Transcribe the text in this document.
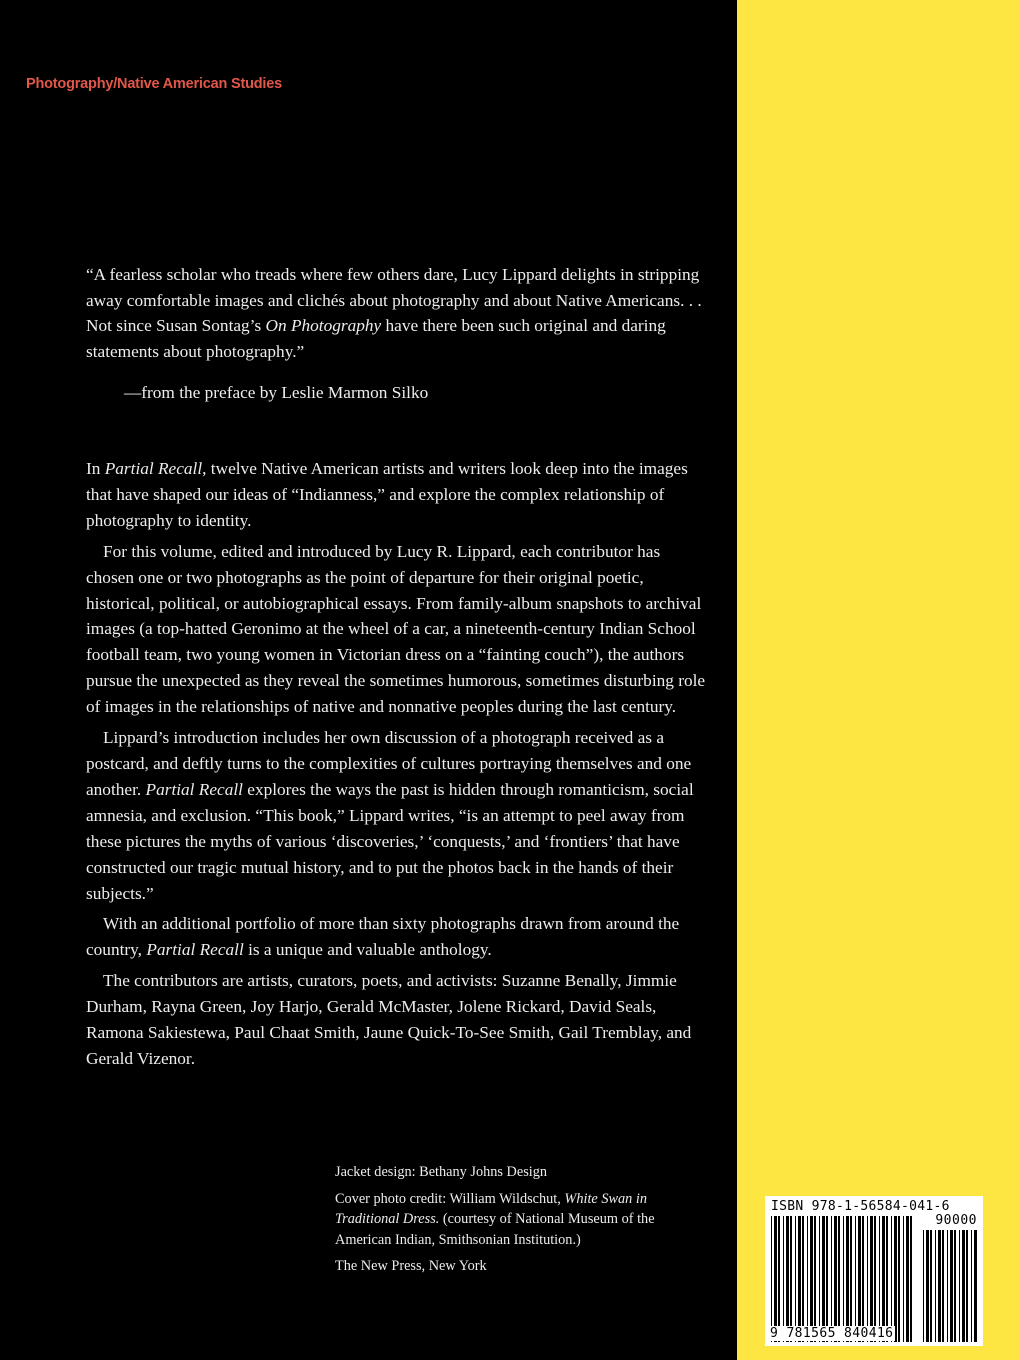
Photography/Native American Studies

“A fearless scholar who treads where few others dare, Lucy Lippard delights in stripping away comfortable images and clichés about photography and about Native Americans. . . Not since Susan Sontag’s On Photography have there been such original and daring statements about photography.”

—from the preface by Leslie Marmon Silko

In Partial Recall, twelve Native American artists and writers look deep into the images that have shaped our ideas of “Indianness,” and explore the complex relationship of photography to identity.

For this volume, edited and introduced by Lucy R. Lippard, each contributor has chosen one or two photographs as the point of departure for their original poetic, historical, political, or autobiographical essays. From family-album snapshots to archival images (a top-hatted Geronimo at the wheel of a car, a nineteenth-century Indian School football team, two young women in Victorian dress on a “fainting couch”), the authors pursue the unexpected as they reveal the sometimes humorous, sometimes disturbing role of images in the relationships of native and nonnative peoples during the last century.

Lippard’s introduction includes her own discussion of a photograph received as a postcard, and deftly turns to the complexities of cultures portraying themselves and one another. Partial Recall explores the ways the past is hidden through romanticism, social amnesia, and exclusion. “This book,” Lippard writes, “is an attempt to peel away from these pictures the myths of various ‘discoveries,’ ‘conquests,’ and ‘frontiers’ that have constructed our tragic mutual history, and to put the photos back in the hands of their subjects.”

With an additional portfolio of more than sixty photographs drawn from around the country, Partial Recall is a unique and valuable anthology.

The contributors are artists, curators, poets, and activists: Suzanne Benally, Jimmie Durham, Rayna Green, Joy Harjo, Gerald McMaster, Jolene Rickard, David Seals, Ramona Sakiestewa, Paul Chaat Smith, Jaune Quick-To-See Smith, Gail Tremblay, and Gerald Vizenor.

Jacket design: Bethany Johns Design

Cover photo credit: William Wildschut, White Swan in Traditional Dress. (courtesy of National Museum of the American Indian, Smithsonian Institution.)

The New Press, New York

ISBN 978-1-56584-041-6
90000
9 781565 840416
